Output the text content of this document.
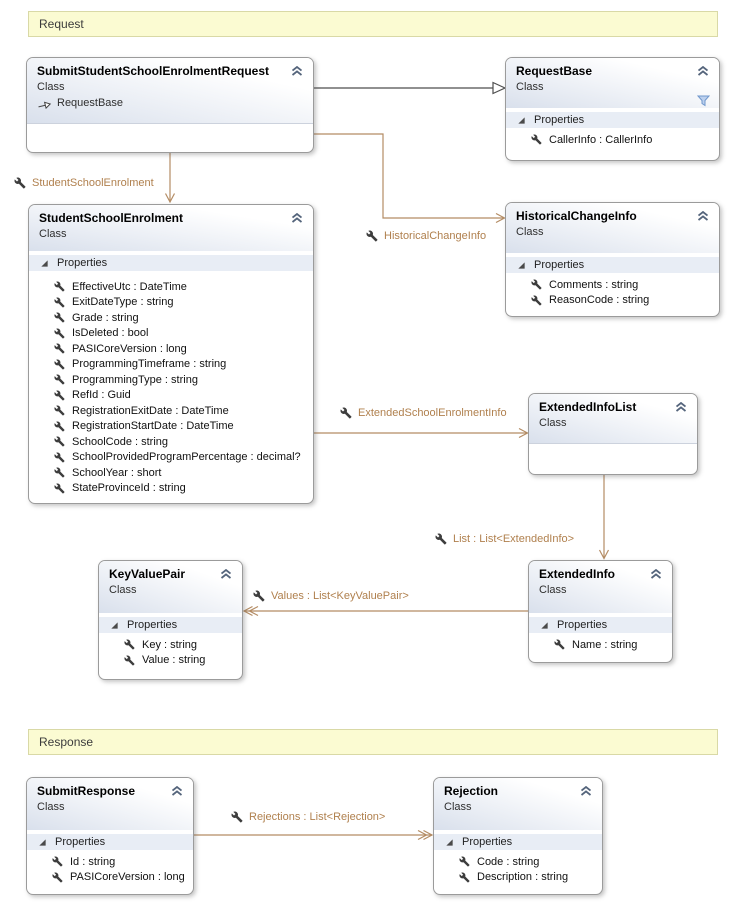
Request
Response
SubmitStudentSchoolEnrolmentRequest
Class
RequestBase
RequestBase
Class
Properties
CallerInfo : CallerInfo
StudentSchoolEnrolment
Class
Properties
EffectiveUtc : DateTime
ExitDateType : string
Grade : string
IsDeleted : bool
PASICoreVersion : long
ProgrammingTimeframe : string
ProgrammingType : string
RefId : Guid
RegistrationExitDate : DateTime
RegistrationStartDate : DateTime
SchoolCode : string
SchoolProvidedProgramPercentage : decimal?
SchoolYear : short
StateProvinceId : string
HistoricalChangeInfo
Class
Properties
Comments : string
ReasonCode : string
ExtendedInfoList
Class
KeyValuePair
Class
Properties
Key : string
Value : string
ExtendedInfo
Class
Properties
Name : string
SubmitResponse
Class
Properties
Id : string
PASICoreVersion : long
Rejection
Class
Properties
Code : string
Description : string
StudentSchoolEnrolment
HistoricalChangeInfo
ExtendedSchoolEnrolmentInfo
List : List<ExtendedInfo>
Values : List<KeyValuePair>
Rejections : List<Rejection>
